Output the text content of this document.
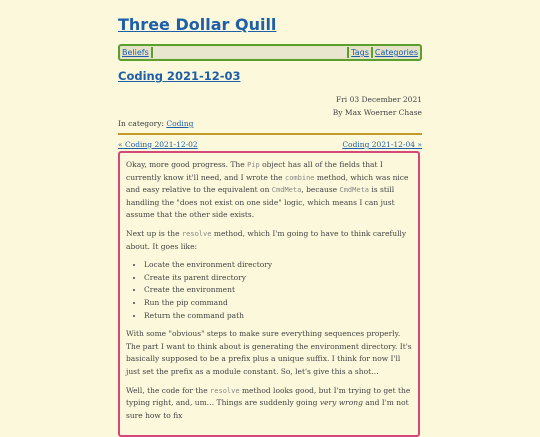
Three Dollar Quill
Beliefs	Tags Categories
Coding 2021-12-03
Fri 03 December 2021
By Max Woerner Chase
In category: Coding
« Coding 2021-12-02	Coding 2021-12-04 »

Okay, more good progress. The Pip object has all of the fields that I currently know it'll need, and I wrote the combine method, which was nice and easy relative to the equivalent on CmdMeta, because CmdMeta is still handling the "does not exist on one side" logic, which means I can just assume that the other side exists.

Next up is the resolve method, which I'm going to have to think carefully about. It goes like:

• Locate the environment directory
• Create its parent directory
• Create the environment
• Run the pip command
• Return the command path

With some "obvious" steps to make sure everything sequences properly. The part I want to think about is generating the environment directory. It's basically supposed to be a prefix plus a unique suffix. I think for now I'll just set the prefix as a module constant. So, let's give this a shot…

Well, the code for the resolve method looks good, but I'm trying to get the typing right, and, um… Things are suddenly going very wrong and I'm not sure how to fix
